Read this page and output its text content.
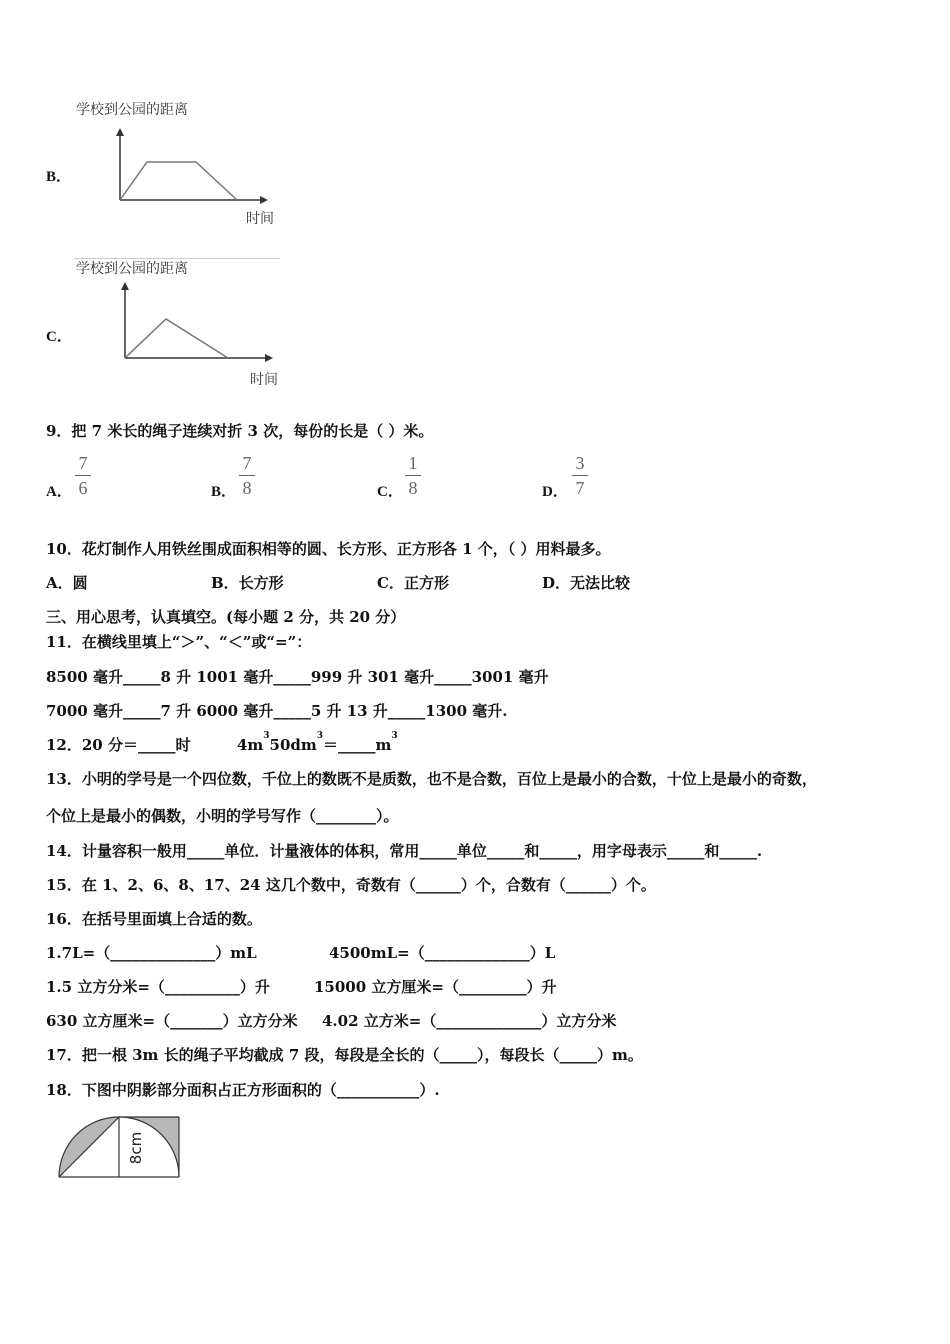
B．
学校到公园的距离
时间
C．
学校到公园的距离
时间
9．把 7 米长的绳子连续对折 3 次，每份的长是（ ）米。
A．
7
6	B．
7
8	C．
1
8	D．
3
7
10．花灯制作人用铁丝围成面积相等的圆、长方形、正方形各 1 个，（ ）用料最多。
A．圆	B．长方形	C．正方形	D．无法比较
三、用心思考，认真填空。(每小题 2 分，共 20 分）
11．在横线里填上“＞”、“＜”或“=”：
8500 毫升_____8 升 1001 毫升_____999 升 301 毫升_____3001 毫升
7000 毫升_____7 升 6000 毫升_____5 升 13 升_____1300 毫升.
12．20 分＝_____时	$4m^350dm^3=\_\_\_\_\_m^3$
13．小明的学号是一个四位数，千位上的数既不是质数，也不是合数，百位上是最小的合数，十位上是最小的奇数，
个位上是最小的偶数，小明的学号写作（________）。
14．计量容积一般用_____单位．计量液体的体积，常用_____单位_____和_____，用字母表示_____和_____.
15．在 1、2、6、8、17、24 这几个数中，奇数有（______）个，合数有（______）个。
16．在括号里面填上合适的数。
1.7L=（______________）mL	4500mL=（______________）L
1.5 立方分米=（__________）升	15000 立方厘米=（_________）升
630 立方厘米=（_______）立方分米 4.02 立方米=（______________）立方分米
17．把一根 3m 长的绳子平均截成 7 段，每段是全长的（_____），每段长（_____）m。
18．下图中阴影部分面积占正方形面积的（___________）.
8cm
